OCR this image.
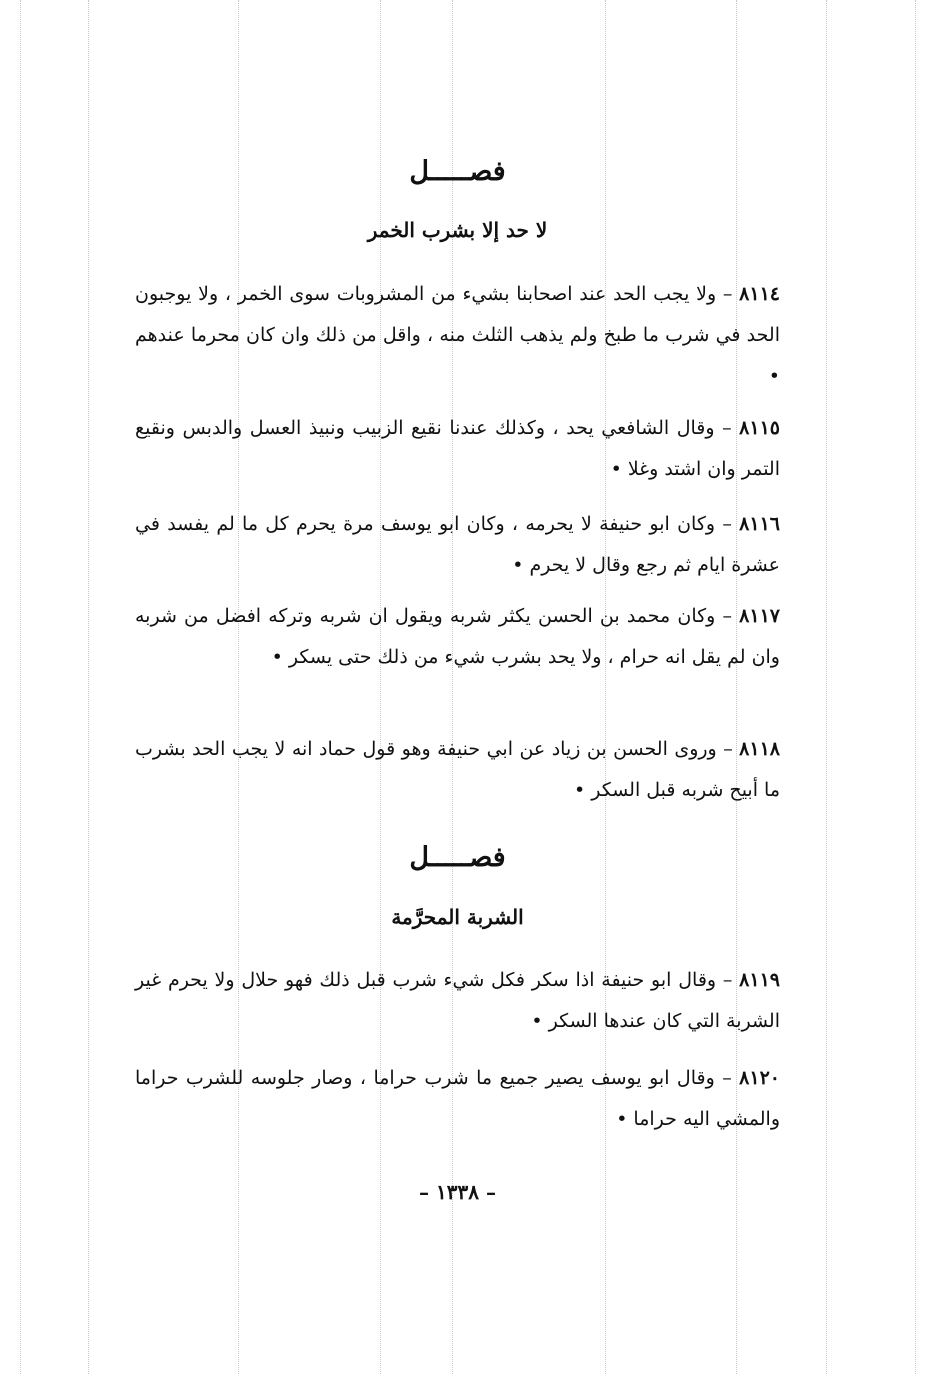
فصـــــل
لا حد إلا بشرب الخمر
٨١١٤ – ولا يجب الحد عند اصحابنا بشيء من المشروبات سوى الخمر ، ولا يوجبون الحد في شرب ما طبخ ولم يذهب الثلث منه ، واقل من ذلك وان كان محرما عندهم •
٨١١٥ – وقال الشافعي يحد ، وكذلك عندنا نقيع الزبيب ونبيذ العسل والدبس ونقيع التمر وان اشتد وغلا •
٨١١٦ – وكان ابو حنيفة لا يحرمه ، وكان ابو يوسف مرة يحرم كل ما لم يفسد في عشرة ايام ثم رجع وقال لا يحرم •
٨١١٧ – وكان محمد بن الحسن يكثر شربه ويقول ان شربه وتركه افضل من شربه وان لم يقل انه حرام ، ولا يحد بشرب شيء من ذلك حتى يسكر •
٨١١٨ – وروى الحسن بن زياد عن ابي حنيفة وهو قول حماد انه لا يجب الحد بشرب ما أبيح شربه قبل السكر •
فصـــــل
الشربة المحرَّمة
٨١١٩ – وقال ابو حنيفة اذا سكر فكل شيء شرب قبل ذلك فهو حلال ولا يحرم غير الشربة التي كان عندها السكر •
٨١٢٠ – وقال ابو يوسف يصير جميع ما شرب حراما ، وصار جلوسه للشرب حراما والمشي اليه حراما •
– ١٣٣٨ –
